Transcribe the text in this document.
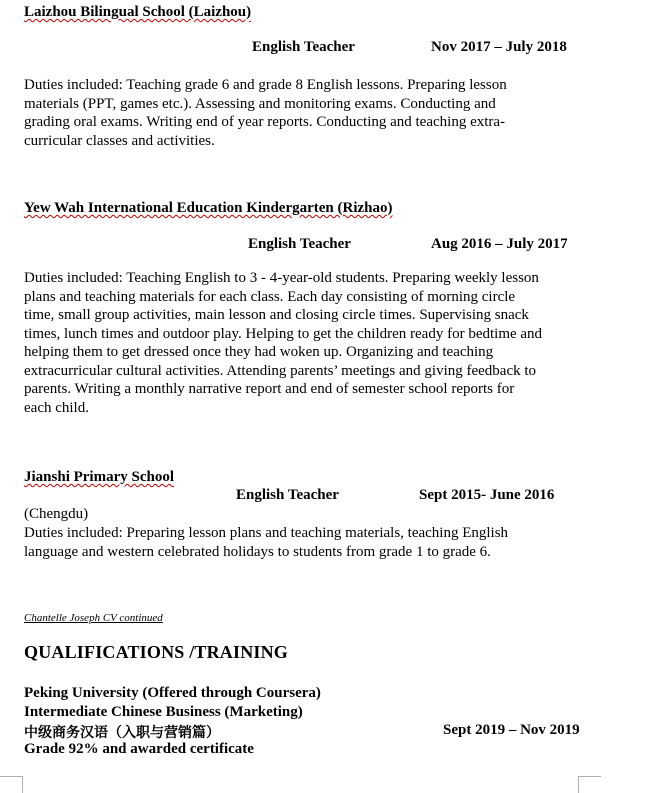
Laizhou Bilingual School (Laizhou)
English Teacher	Nov 2017 – July 2018
Duties included: Teaching grade 6 and grade 8 English lessons. Preparing lesson
materials (PPT, games etc.). Assessing and monitoring exams. Conducting and
grading oral exams. Writing end of year reports. Conducting and teaching extra-
curricular classes and activities.
Yew Wah International Education Kindergarten (Rizhao)
English Teacher	Aug 2016 – July 2017
Duties included: Teaching English to 3 - 4-year-old students. Preparing weekly lesson
plans and teaching materials for each class. Each day consisting of morning circle
time, small group activities, main lesson and closing circle times. Supervising snack
times, lunch times and outdoor play. Helping to get the children ready for bedtime and
helping them to get dressed once they had woken up. Organizing and teaching
extracurricular cultural activities. Attending parents’ meetings and giving feedback to
parents. Writing a monthly narrative report and end of semester school reports for
each child.
Jianshi Primary School
English Teacher	Sept 2015- June 2016
(Chengdu)
Duties included: Preparing lesson plans and teaching materials, teaching English
language and western celebrated holidays to students from grade 1 to grade 6.
Chantelle Joseph CV continued
QUALIFICATIONS /TRAINING
Peking University (Offered through Coursera)
Intermediate Chinese Business (Marketing)
中级商务汉语（入职与营销篇）	Sept 2019 – Nov 2019
Grade 92% and awarded certificate
